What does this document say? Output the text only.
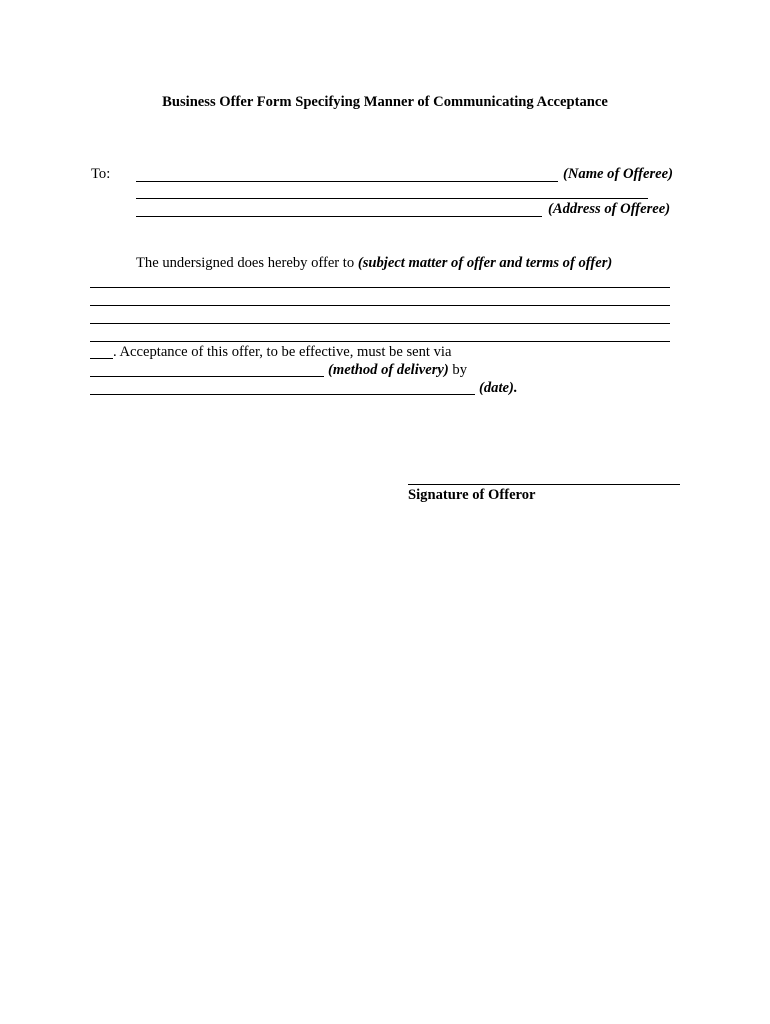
Business Offer Form Specifying Manner of Communicating Acceptance
To:	(Name of Offeree)
(Address of Offeree)
The undersigned does hereby offer to (subject matter of offer and terms of offer)
. Acceptance of this offer, to be effective, must be sent via
(method of delivery) by
(date).
Signature of Offeror
